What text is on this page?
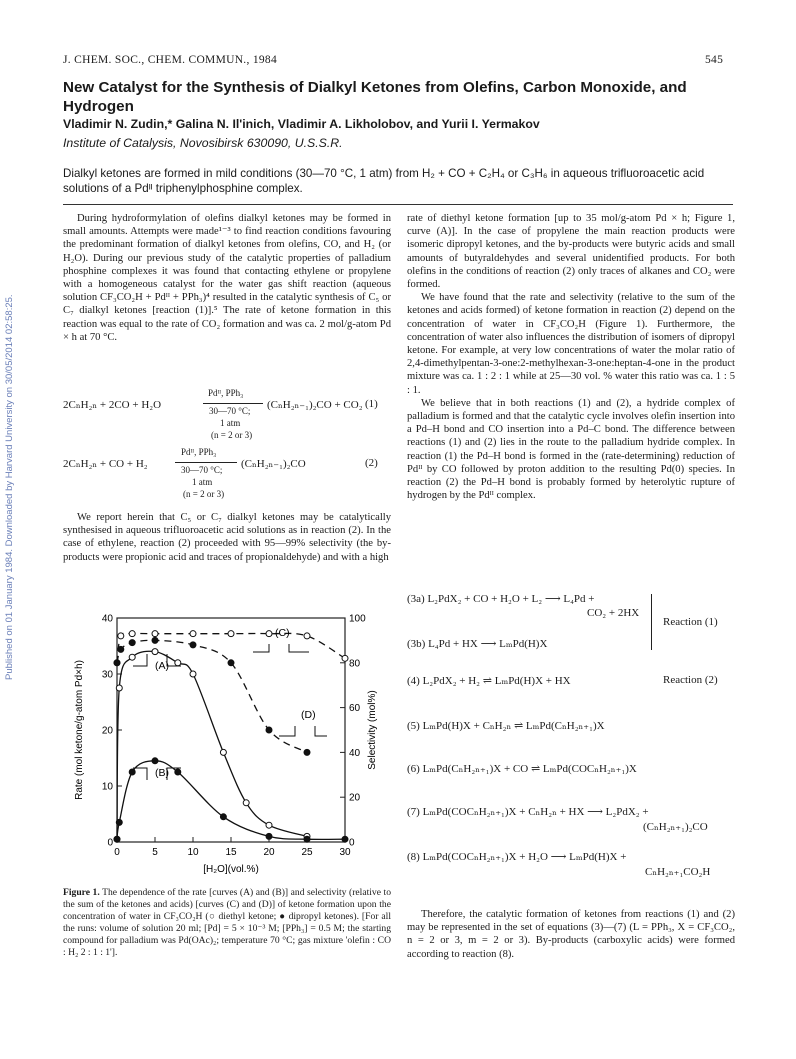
Published on 01 January 1984. Downloaded by Harvard University on 30/05/2014 02:58:25.
J. CHEM. SOC., CHEM. COMMUN., 1984	545
New Catalyst for the Synthesis of Dialkyl Ketones from Olefins, Carbon Monoxide, and Hydrogen
Vladimir N. Zudin,* Galina N. Il'inich, Vladimir A. Likholobov, and Yurii I. Yermakov
Institute of Catalysis, Novosibirsk 630090, U.S.S.R.
Dialkyl ketones are formed in mild conditions (30—70 °C, 1 atm) from H₂ + CO + C₂H₄ or C₃H₆ in aqueous trifluoroacetic acid solutions of a Pdᴵᴵ triphenylphosphine complex.

During hydroformylation of olefins dialkyl ketones may be formed in small amounts. Attempts were made¹⁻³ to find reaction conditions favouring the predominant formation of dialkyl ketones from olefins, CO, and H₂ (or H₂O). During our previous study of the catalytic properties of palladium phosphine complexes it was found that contacting ethylene or propylene with a homogeneous catalyst for the water gas shift reaction (aqueous solution CF₃CO₂H + Pdᴵᴵ + PPh₃)⁴ resulted in the catalytic synthesis of C₅ or C₇ dialkyl ketones [reaction (1)].⁵ The rate of ketone formation in this reaction was equal to the rate of CO₂ formation and was ca. 2 mol/g-atom Pd × h at 70 °C.

2CₙH₂ₙ + 2CO + H₂O
Pdᴵᴵ, PPh₃
30—70 °C; (CₙH₂ₙ₋₁)₂CO + CO₂ (1)
1 atm
(n = 2 or 3)
2CₙH₂ₙ + CO + H₂
Pdᴵᴵ, PPh₃
30—70 °C; (CₙH₂ₙ₋₁)₂CO	(2)
1 atm
(n = 2 or 3)

We report herein that C₅ or C₇ dialkyl ketones may be catalytically synthesised in aqueous trifluoroacetic acid solutions as in reaction (2). In the case of ethylene, reaction (2) proceeded with 95—99% selectivity (the by-products were propionic acid and traces of propionaldehyde) and with a high

rate of diethyl ketone formation [up to 35 mol/g-atom Pd × h; Figure 1, curve (A)]. In the case of propylene the main reaction products were isomeric dipropyl ketones, and the by-products were butyric acids and small amounts of butyraldehydes and several unidentified products. For both olefins in the conditions of reaction (2) only traces of alkanes and CO₂ were formed.

We have found that the rate and selectivity (relative to the sum of the ketones and acids formed) of ketone formation in reaction (2) depend on the concentration of water in CF₃CO₂H (Figure 1). Furthermore, the concentration of water also influences the distribution of isomers of dipropyl ketone. For example, at very low concentrations of water the molar ratio of 2,4-dimethylpentan-3-one:2-methylhexan-3-one:heptan-4-one in the product mixture was ca. 1 : 2 : 1 while at 25—30 vol. % water this ratio was ca. 1 : 5 : 1.

We believe that in both reactions (1) and (2), a hydride complex of palladium is formed and that the catalytic cycle involves olefin insertion into a Pd–H bond and CO insertion into a Pd–C bond. The difference between reactions (1) and (2) lies in the route to the palladium hydride complex. In reaction (1) the Pd–H bond is formed in the (rate-determining) reduction of Pdᴵᴵ by CO followed by proton addition to the resulting Pd(0) species. In reaction (2) the Pd–H bond is probably formed by heterolytic rupture of hydrogen by the Pdᴵᴵ complex.

(3a) L₂PdX₂ + CO + H₂O + L₂ ⟶ L₄Pd +
CO₂ + 2HX
(3b) L₄Pd + HX ⟶ LₘPd(H)X
Reaction (1)
(4) L₂PdX₂ + H₂ ⇌ LₘPd(H)X + HX	Reaction (2)
(5) LₘPd(H)X + CₙH₂ₙ ⇌ LₘPd(CₙH₂ₙ₊₁)X
(6) LₘPd(CₙH₂ₙ₊₁)X + CO ⇌ LₘPd(COCₙH₂ₙ₊₁)X
(7) LₘPd(COCₙH₂ₙ₊₁)X + CₙH₂ₙ + HX ⟶ L₂PdX₂ +
(CₙH₂ₙ₊₁)₂CO
(8) LₘPd(COCₙH₂ₙ₊₁)X + H₂O ⟶ LₘPd(H)X +
CₙH₂ₙ₊₁CO₂H

Therefore, the catalytic formation of ketones from reactions (1) and (2) may be represented in the set of equations (3)—(7) (L = PPh₃, X = CF₃CO₂, n = 2 or 3, m = 2 or 3). By-products (carboxylic acids) were formed according to reaction (8).

0	5	10	15	20	25	30
0
10
20
30
40
0
20
40
60
80
100
(A)
(B)
(C)
(D)
Rate (mol ketone/g-atom Pd×h)	Selectivity (mol%)
[H₂O](vol.%)
Figure 1. The dependence of the rate [curves (A) and (B)] and selectivity (relative to the sum of the ketones and acids) [curves (C) and (D)] of ketone formation upon the concentration of water in CF₃CO₂H (○ diethyl ketone; ● dipropyl ketones). [For all the runs: volume of solution 20 ml; [Pd] = 5 × 10⁻³ M; [PPh₃] = 0.5 M; the starting compound for palladium was Pd(OAc)₂; temperature 70 °C; gas mixture 'olefin : CO : H₂ 2 : 1 : 1'].
